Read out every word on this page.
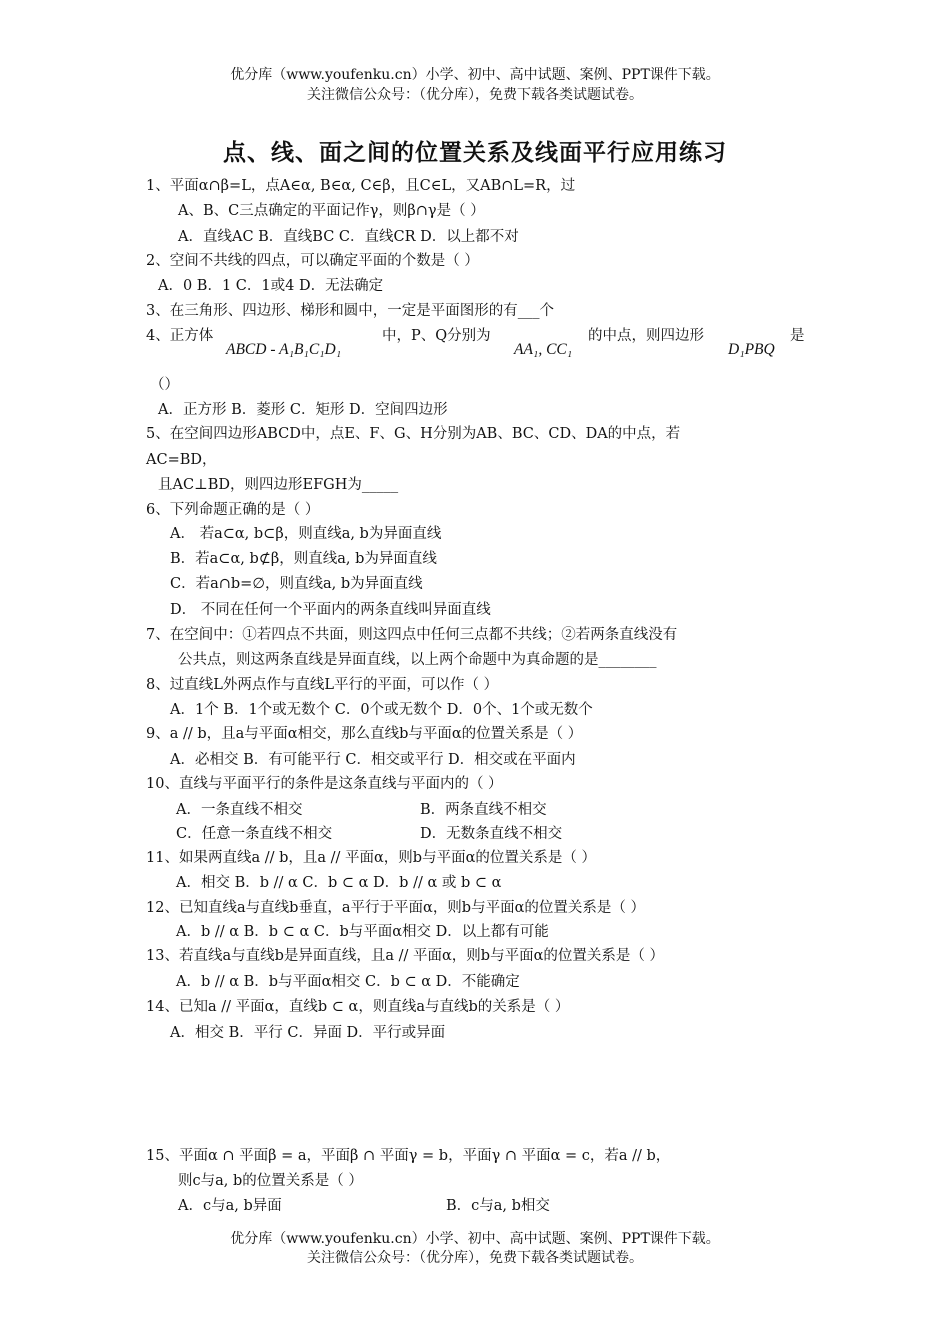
优分库（www.youfenku.cn）小学、初中、高中试题、案例、PPT课件下载。
关注微信公众号：（优分库），免费下载各类试题试卷。
点、线、面之间的位置关系及线面平行应用练习
1、平面α∩β=L，点A∈α, B∈α, C∈β，且C∈L，又AB∩L=R，过
A、B、C三点确定的平面记作γ，则β∩γ是（ ）
A．直线AC B．直线BC C．直线CR D．以上都不对
2、空间不共线的四点，可以确定平面的个数是（ ）
A．0 B．1 C．1或4 D．无法确定
3、在三角形、四边形、梯形和圆中，一定是平面图形的有___个
4、正方体
ABCD - A₁B₁C₁D₁
中，P、Q分别为
AA₁, CC₁
的中点，则四边形
D₁PBQ
是
（）
A．正方形 B．菱形 C．矩形 D．空间四边形
5、在空间四边形ABCD中，点E、F、G、H分别为AB、BC、CD、DA的中点，若
AC=BD，
且AC⊥BD，则四边形EFGH为_____
6、下列命题正确的是（ ）
A． 若a⊂α, b⊂β，则直线a, b为异面直线
B．若a⊂α, b⊄β，则直线a, b为异面直线
C．若a∩b=∅，则直线a, b为异面直线
D． 不同在任何一个平面内的两条直线叫异面直线
7、在空间中：①若四点不共面，则这四点中任何三点都不共线；②若两条直线没有
公共点，则这两条直线是异面直线，以上两个命题中为真命题的是________
8、过直线L外两点作与直线L平行的平面，可以作（ ）
A．1个 B．1个或无数个 C．0个或无数个 D．0个、1个或无数个
9、a // b，且a与平面α相交，那么直线b与平面α的位置关系是（ ）
A．必相交 B．有可能平行 C．相交或平行 D．相交或在平面内
10、直线与平面平行的条件是这条直线与平面内的（ ）
A．一条直线不相交	B．两条直线不相交
C．任意一条直线不相交	D．无数条直线不相交
11、如果两直线a // b，且a // 平面α，则b与平面α的位置关系是（ ）
A．相交 B．b // α C．b ⊂ α D．b // α 或 b ⊂ α
12、已知直线a与直线b垂直，a平行于平面α，则b与平面α的位置关系是（ ）
A．b // α B．b ⊂ α C．b与平面α相交 D．以上都有可能
13、若直线a与直线b是异面直线，且a // 平面α，则b与平面α的位置关系是（ ）
A．b // α B．b与平面α相交 C．b ⊂ α D．不能确定
14、已知a // 平面α，直线b ⊂ α，则直线a与直线b的关系是（ ）
A．相交 B．平行 C．异面 D．平行或异面
15、平面α ∩ 平面β = a，平面β ∩ 平面γ = b，平面γ ∩ 平面α = c，若a // b，
则c与a, b的位置关系是（ ）
A．c与a, b异面	B．c与a, b相交
优分库（www.youfenku.cn）小学、初中、高中试题、案例、PPT课件下载。
关注微信公众号：（优分库），免费下载各类试题试卷。
